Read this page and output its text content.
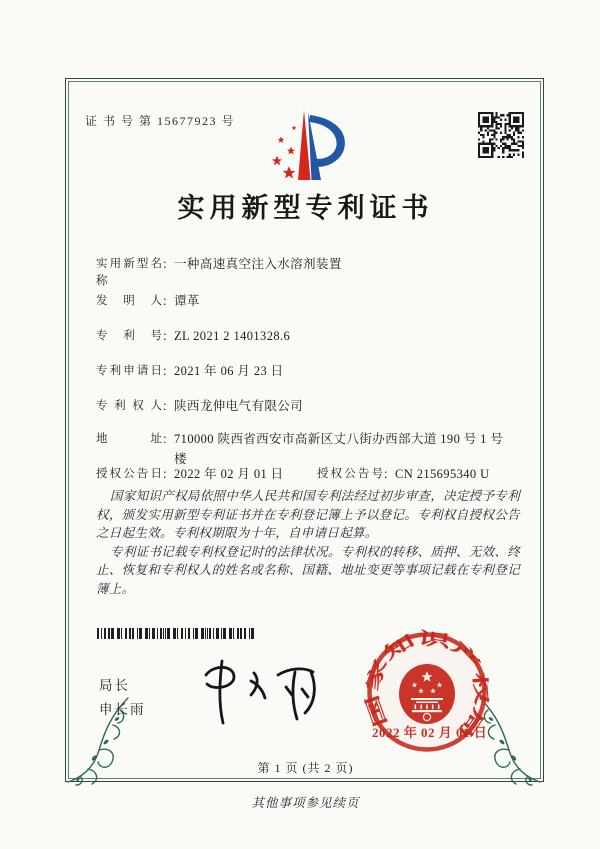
证 书 号 第 15677923 号
实用新型专利证书
实用新型名称：一种高速真空注入水溶剂装置
发明人：谭革
专利号：ZL 2021 2 1401328.6
专利申请日：2021 年 06 月 23 日
专利权人：陕西龙伸电气有限公司
地址：710000 陕西省西安市高新区丈八街办西部大道 190 号 1 号
楼
授权公告日：2022 年 02 月 01 日	授权公告号：CN 215695340 U

国家知识产权局依照中华人民共和国专利法经过初步审查，决定授予专利权，颁发实用新型专利证书并在专利登记簿上予以登记。专利权自授权公告之日起生效。专利权期限为十年，自申请日起算。

专利证书记载专利权登记时的法律状况。专利权的转移、质押、无效、终止、恢复和专利权人的姓名或名称、国籍、地址变更等事项记载在专利登记簿上。

局长
申长雨	国家知识产权局
2022 年 02 月 01 日
第 1 页 (共 2 页)
其他事项参见续页
